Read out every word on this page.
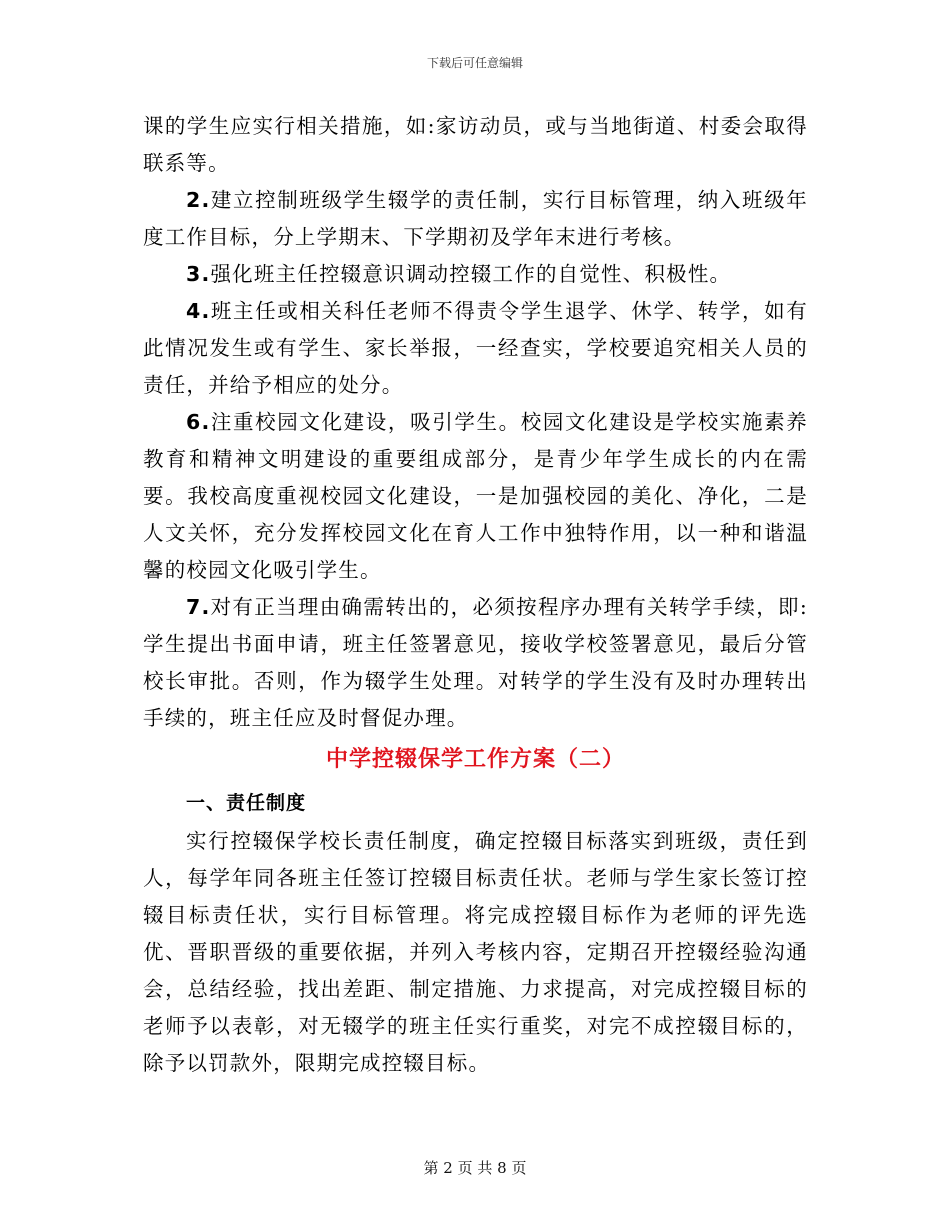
下载后可任意编辑

课的学生应实行相关措施，如:家访动员，或与当地街道、村委会取得联系等。

2.建立控制班级学生辍学的责任制，实行目标管理，纳入班级年度工作目标，分上学期末、下学期初及学年末进行考核。

3.强化班主任控辍意识调动控辍工作的自觉性、积极性。

4.班主任或相关科任老师不得责令学生退学、休学、转学，如有此情况发生或有学生、家长举报，一经查实，学校要追究相关人员的责任，并给予相应的处分。

6.注重校园文化建设，吸引学生。校园文化建设是学校实施素养教育和精神文明建设的重要组成部分，是青少年学生成长的内在需要。我校高度重视校园文化建设，一是加强校园的美化、净化，二是人文关怀，充分发挥校园文化在育人工作中独特作用，以一种和谐温馨的校园文化吸引学生。

7.对有正当理由确需转出的，必须按程序办理有关转学手续，即:学生提出书面申请，班主任签署意见，接收学校签署意见，最后分管校长审批。否则，作为辍学生处理。对转学的学生没有及时办理转出手续的，班主任应及时督促办理。

中学控辍保学工作方案（二）
一、责任制度

实行控辍保学校长责任制度，确定控辍目标落实到班级，责任到人，每学年同各班主任签订控辍目标责任状。老师与学生家长签订控辍目标责任状，实行目标管理。将完成控辍目标作为老师的评先选优、晋职晋级的重要依据，并列入考核内容，定期召开控辍经验沟通会，总结经验，找出差距、制定措施、力求提高，对完成控辍目标的老师予以表彰，对无辍学的班主任实行重奖，对完不成控辍目标的，除予以罚款外，限期完成控辍目标。

第 2 页 共 8 页
